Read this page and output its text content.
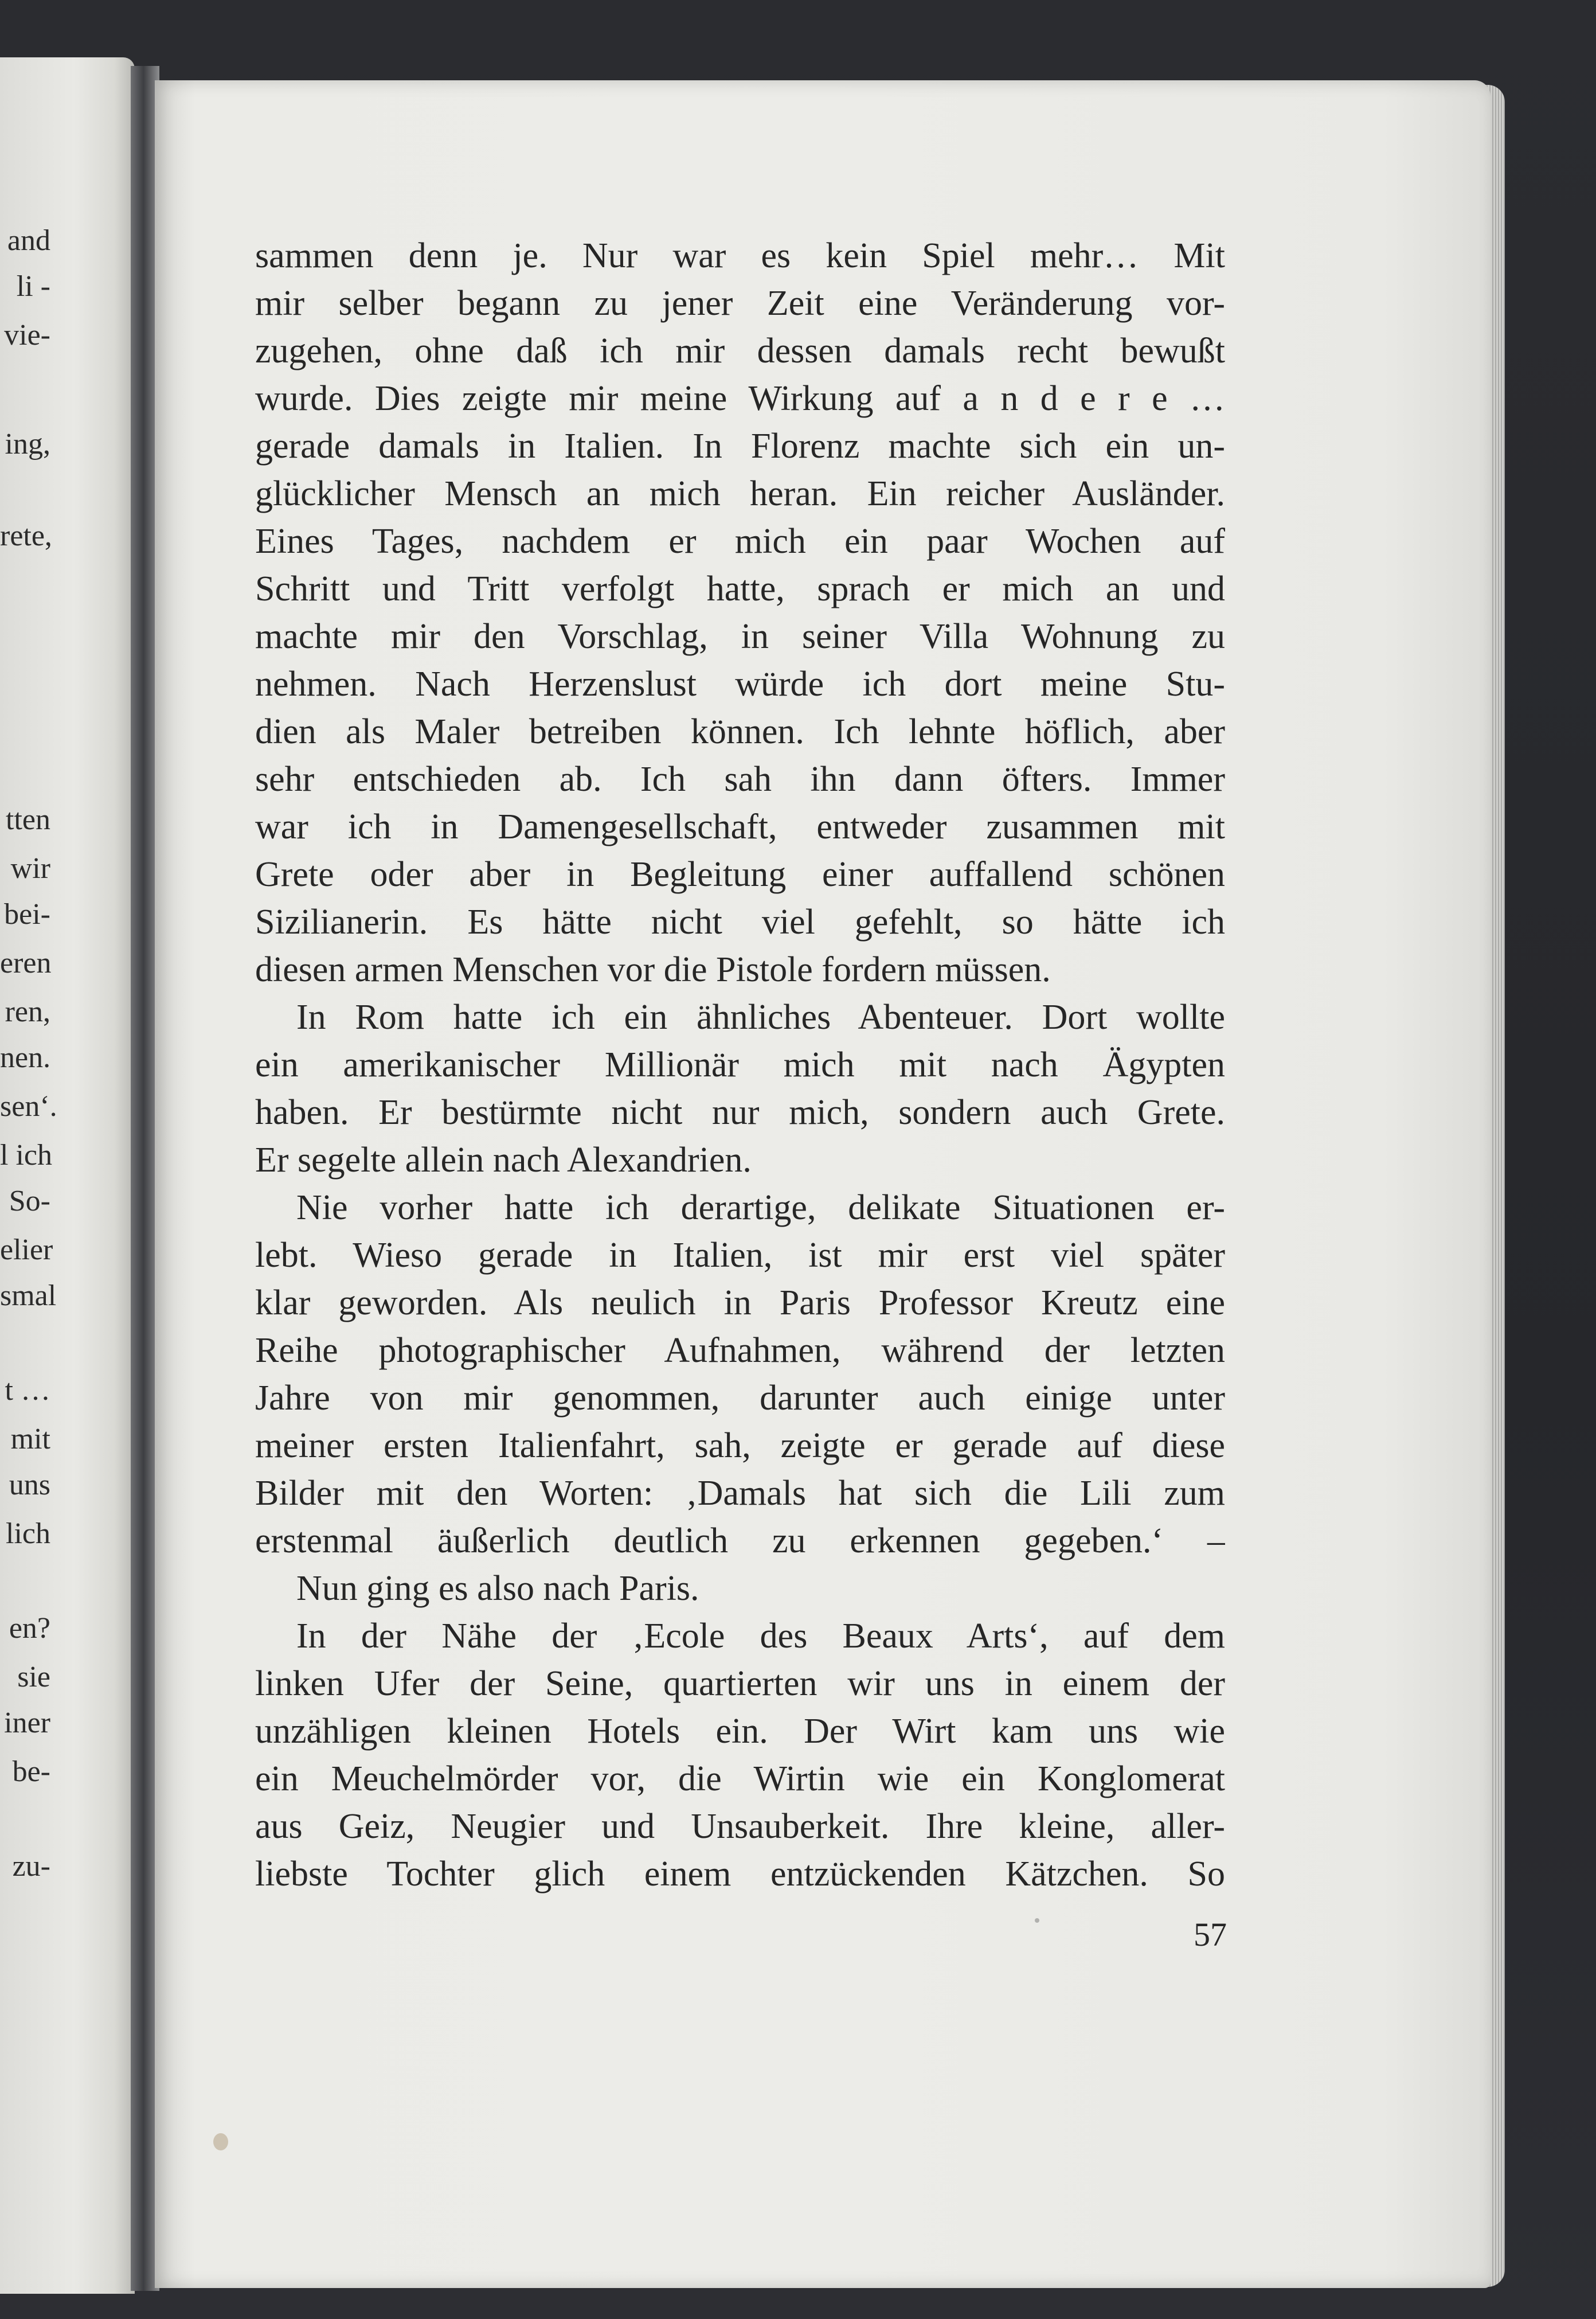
and
li -
vie-
ing,
rete,
tten
wir
bei-
eren
ren,
nen.
sen‘.
l ich
So-
elier
smal
t …
mit
uns
lich
en?
sie
iner
be-
zu-
sammen denn je. Nur war es kein Spiel mehr… Mit
mir selber begann zu jener Zeit eine Veränderung vor-
zugehen, ohne daß ich mir dessen damals recht bewußt
wurde. Dies zeigte mir meine Wirkung auf a n d e r e …
gerade damals in Italien. In Florenz machte sich ein un-
glücklicher Mensch an mich heran. Ein reicher Ausländer.
Eines Tages, nachdem er mich ein paar Wochen auf
Schritt und Tritt verfolgt hatte, sprach er mich an und
machte mir den Vorschlag, in seiner Villa Wohnung zu
nehmen. Nach Herzenslust würde ich dort meine Stu-
dien als Maler betreiben können. Ich lehnte höflich, aber
sehr entschieden ab. Ich sah ihn dann öfters. Immer
war ich in Damengesellschaft, entweder zusammen mit
Grete oder aber in Begleitung einer auffallend schönen
Sizilianerin. Es hätte nicht viel gefehlt, so hätte ich
diesen armen Menschen vor die Pistole fordern müssen.
In Rom hatte ich ein ähnliches Abenteuer. Dort wollte
ein amerikanischer Millionär mich mit nach Ägypten
haben. Er bestürmte nicht nur mich, sondern auch Grete.
Er segelte allein nach Alexandrien.
Nie vorher hatte ich derartige, delikate Situationen er-
lebt. Wieso gerade in Italien, ist mir erst viel später
klar geworden. Als neulich in Paris Professor Kreutz eine
Reihe photographischer Aufnahmen, während der letzten
Jahre von mir genommen, darunter auch einige unter
meiner ersten Italienfahrt, sah, zeigte er gerade auf diese
Bilder mit den Worten: ‚Damals hat sich die Lili zum
erstenmal äußerlich deutlich zu erkennen gegeben.‘ –
Nun ging es also nach Paris.
In der Nähe der ‚Ecole des Beaux Arts‘, auf dem
linken Ufer der Seine, quartierten wir uns in einem der
unzähligen kleinen Hotels ein. Der Wirt kam uns wie
ein Meuchelmörder vor, die Wirtin wie ein Konglomerat
aus Geiz, Neugier und Unsauberkeit. Ihre kleine, aller-
liebste Tochter glich einem entzückenden Kätzchen. So
57
